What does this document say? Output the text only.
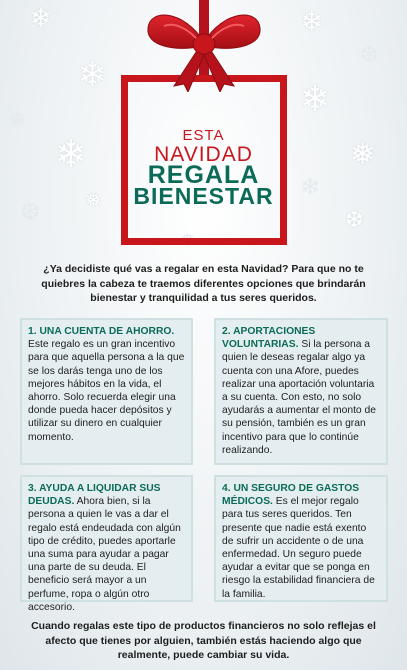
❄
❄
❅
❄
❆ ❅
❄
❆
❄
❅
❄
❆
❅
ESTA
NAVIDAD
REGALA
BIENESTAR
¿Ya decidiste qué vas a regalar en esta Navidad? Para que no te quiebres la cabeza te traemos diferentes opciones que brindarán bienestar y tranquilidad a tus seres queridos.
1. UNA CUENTA DE AHORRO. Este regalo es un gran incentivo para que aquella persona a la que se los darás tenga uno de los mejores hábitos en la vida, el ahorro. Solo recuerda elegir una donde pueda hacer depósitos y utilizar su dinero en cualquier momento.
2. APORTACIONES VOLUNTARIAS. Si la persona a quien le deseas regalar algo ya cuenta con una Afore, puedes realizar una aportación voluntaria a su cuenta. Con esto, no solo ayudarás a aumentar el monto de su pensión, también es un gran incentivo para que lo continúe realizando.
3. AYUDA A LIQUIDAR SUS DEUDAS. Ahora bien, si la persona a quien le vas a dar el regalo está endeudada con algún tipo de crédito, puedes aportarle una suma para ayudar a pagar una parte de su deuda. El beneficio será mayor a un perfume, ropa o algún otro accesorio.
4. UN SEGURO DE GASTOS MÉDICOS. Es el mejor regalo para tus seres queridos. Ten presente que nadie está exento de sufrir un accidente o de una enfermedad. Un seguro puede ayudar a evitar que se ponga en riesgo la estabilidad financiera de la familia.
Cuando regalas este tipo de productos financieros no solo reflejas el afecto que tienes por alguien, también estás haciendo algo que realmente, puede cambiar su vida.
